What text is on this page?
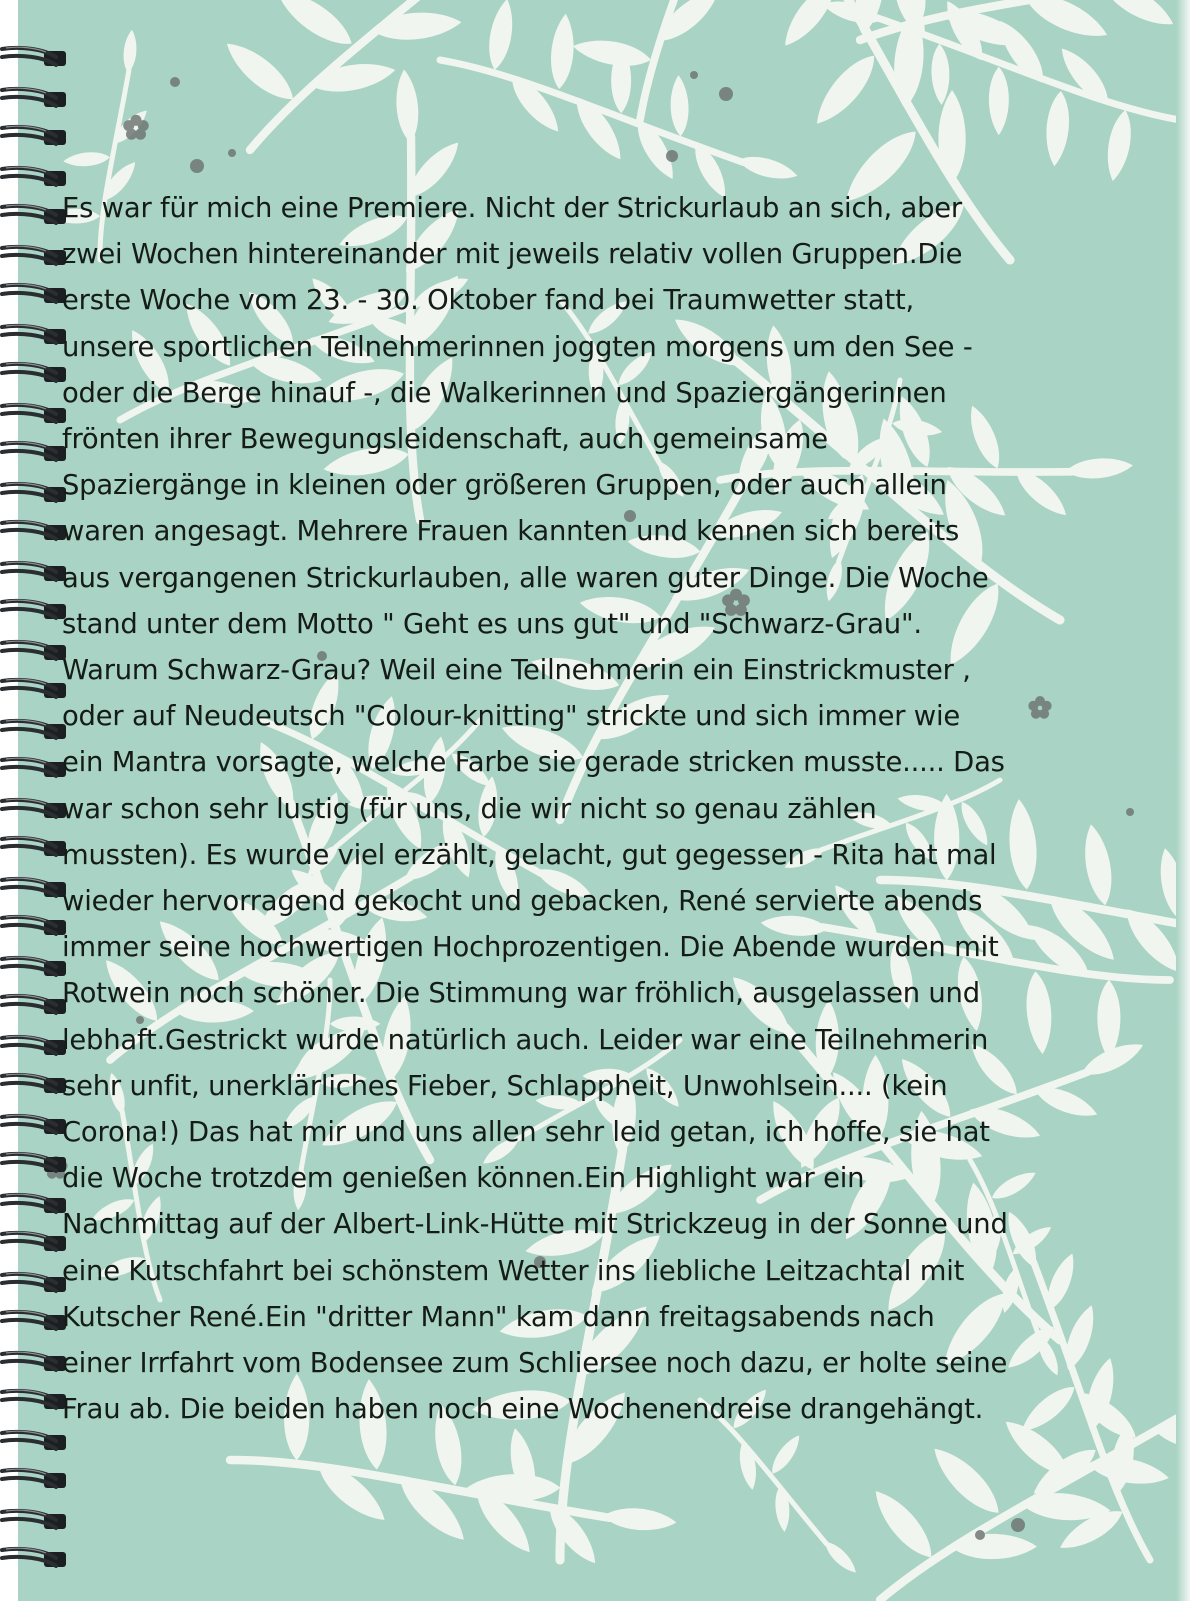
Es war für mich eine Premiere. Nicht der Strickurlaub an sich, aber
zwei Wochen hintereinander mit jeweils relativ vollen Gruppen.Die
erste Woche vom 23. - 30. Oktober fand bei Traumwetter statt,
unsere sportlichen Teilnehmerinnen joggten morgens um den See -
oder die Berge hinauf -, die Walkerinnen und Spaziergängerinnen
frönten ihrer Bewegungsleidenschaft, auch gemeinsame
Spaziergänge in kleinen oder größeren Gruppen, oder auch allein
waren angesagt. Mehrere Frauen kannten und kennen sich bereits
aus vergangenen Strickurlauben, alle waren guter Dinge. Die Woche
stand unter dem Motto " Geht es uns gut" und "Schwarz-Grau".
Warum Schwarz-Grau? Weil eine Teilnehmerin ein Einstrickmuster ,
oder auf Neudeutsch "Colour-knitting" strickte und sich immer wie
ein Mantra vorsagte, welche Farbe sie gerade stricken musste..... Das
war schon sehr lustig (für uns, die wir nicht so genau zählen
mussten). Es wurde viel erzählt, gelacht, gut gegessen - Rita hat mal
wieder hervorragend gekocht und gebacken, René servierte abends
immer seine hochwertigen Hochprozentigen. Die Abende wurden mit
Rotwein noch schöner. Die Stimmung war fröhlich, ausgelassen und
lebhaft.Gestrickt wurde natürlich auch. Leider war eine Teilnehmerin
sehr unfit, unerklärliches Fieber, Schlappheit, Unwohlsein.... (kein
Corona!) Das hat mir und uns allen sehr leid getan, ich hoffe, sie hat
die Woche trotzdem genießen können.Ein Highlight war ein
Nachmittag auf der Albert-Link-Hütte mit Strickzeug in der Sonne und
eine Kutschfahrt bei schönstem Wetter ins liebliche Leitzachtal mit
Kutscher René.Ein "dritter Mann" kam dann freitagsabends nach
einer Irrfahrt vom Bodensee zum Schliersee noch dazu, er holte seine
Frau ab. Die beiden haben noch eine Wochenendreise drangehängt.
